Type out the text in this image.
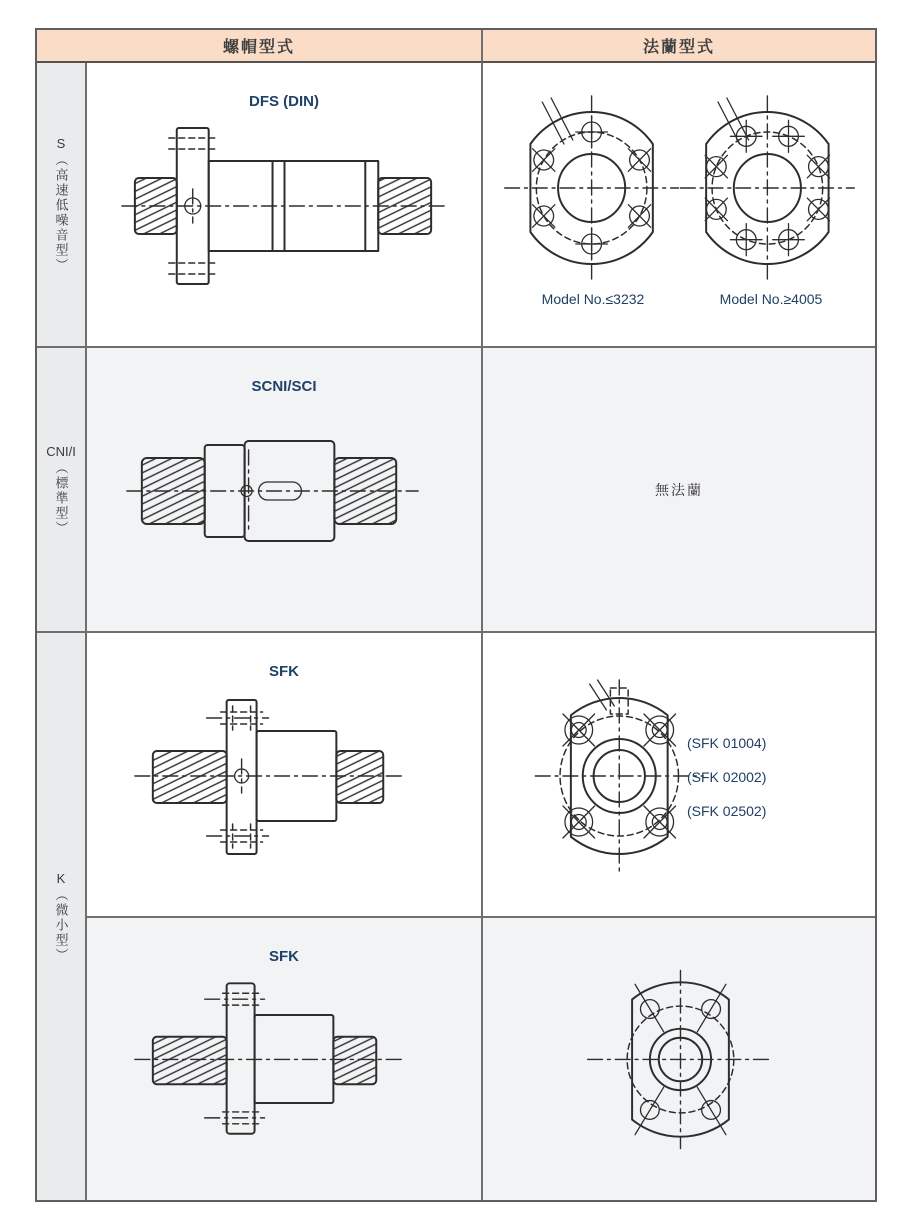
螺帽型式	法蘭型式
S
（高速低噪音型）
DFS (DIN)
Model No.≤3232	Model No.≥4005
CNI/I
（標準型）
SCNI/SCI
無法蘭
K
（微小型）
SFK
(SFK 01004)
(SFK 02002)
(SFK 02502)
SFK
